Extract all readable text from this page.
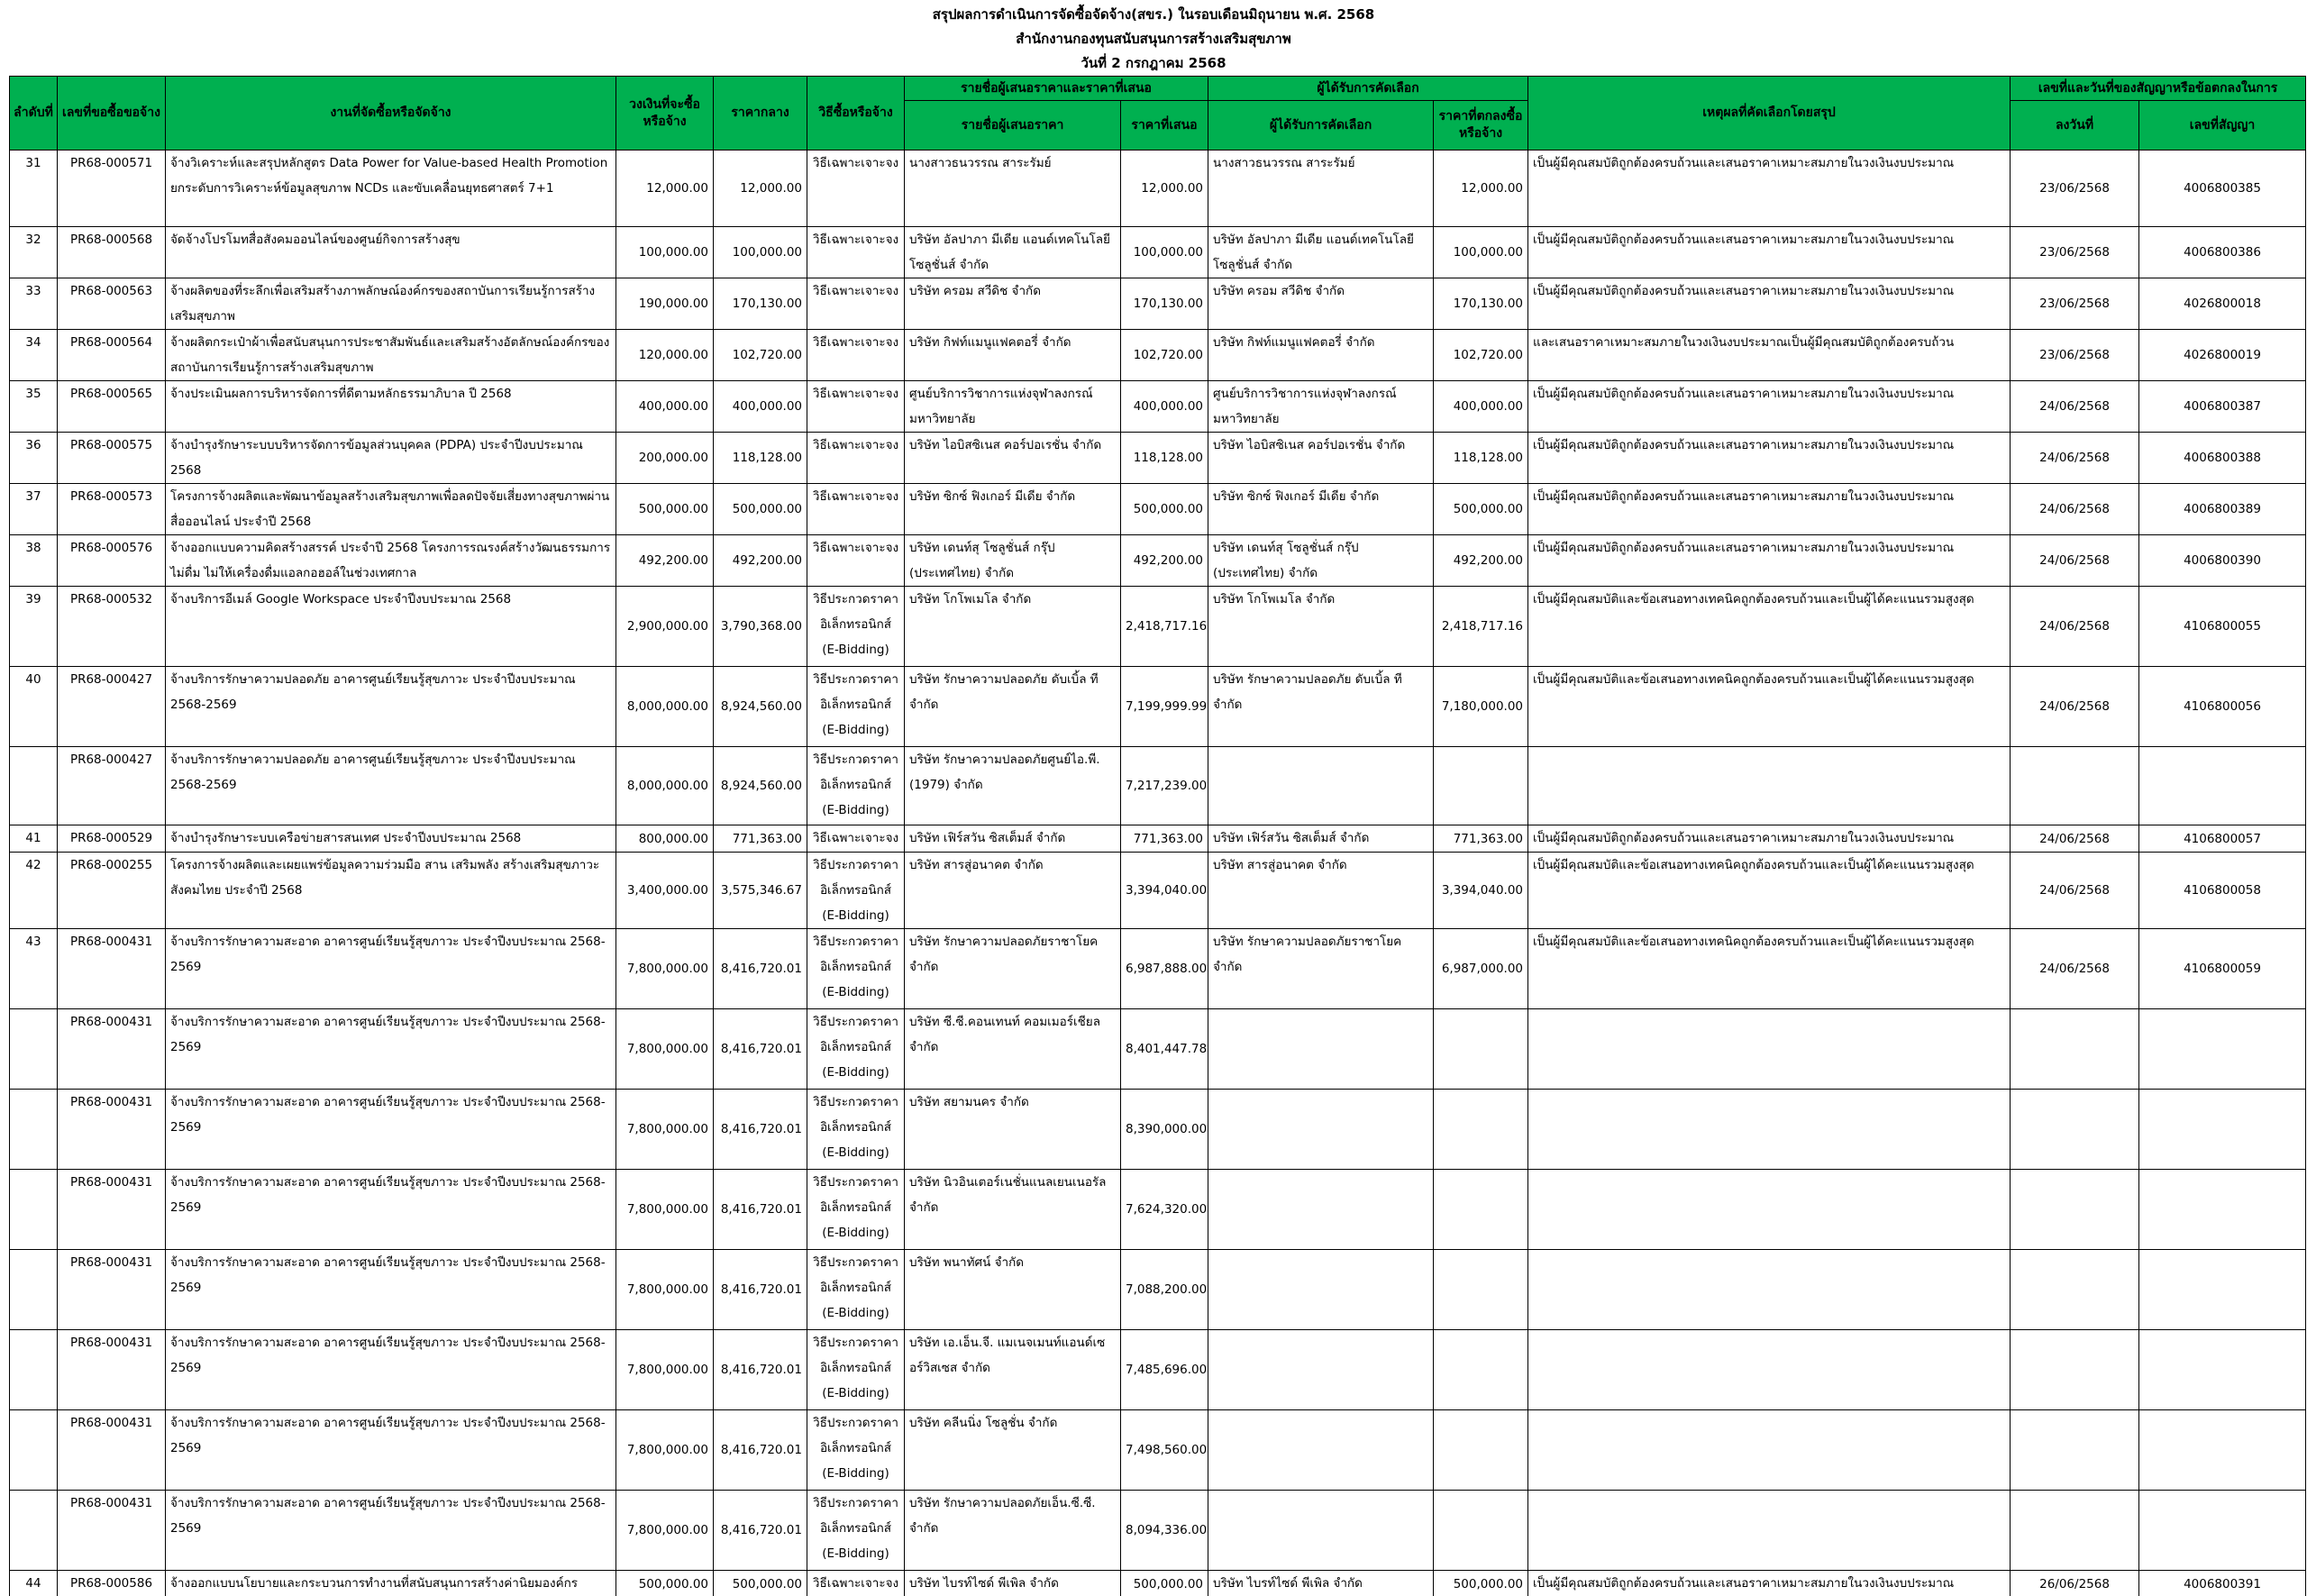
สรุปผลการดำเนินการจัดซื้อจัดจ้าง(สขร.) ในรอบเดือนมิถุนายน พ.ศ. 2568
สำนักงานกองทุนสนับสนุนการสร้างเสริมสุขภาพ
วันที่ 2 กรกฎาคม 2568
ลำดับที่	เลขที่ขอซื้อขอจ้าง	งานที่จัดซื้อหรือจัดจ้าง	วงเงินที่จะซื้อหรือจ้าง	ราคากลาง	วิธีซื้อหรือจ้าง	รายชื่อผู้เสนอราคาและราคาที่เสนอ		ผู้ได้รับการคัดเลือก		เหตุผลที่คัดเลือกโดยสรุป	เลขที่และวันที่ของสัญญาหรือข้อตกลงในการ	
						รายชื่อผู้เสนอราคา	ราคาที่เสนอ	ผู้ได้รับการคัดเลือก	ราคาที่ตกลงซื้อหรือจ้าง		ลงวันที่	เลขที่สัญญา
31	PR68-000571	จ้างวิเคราะห์และสรุปหลักสูตร Data Power for Value-based Health Promotion ยกระดับการวิเคราะห์ข้อมูลสุขภาพ NCDs และขับเคลื่อนยุทธศาสตร์ 7+1	12,000.00	12,000.00	วิธีเฉพาะเจาะจง	นางสาวธนวรรณ สาระรัมย์	12,000.00	นางสาวธนวรรณ สาระรัมย์	12,000.00	เป็นผู้มีคุณสมบัติถูกต้องครบถ้วนและเสนอราคาเหมาะสมภายในวงเงินงบประมาณ	23/06/2568	4006800385
32	PR68-000568	จัดจ้างโปรโมทสื่อสังคมออนไลน์ของศูนย์กิจการสร้างสุข	100,000.00	100,000.00	วิธีเฉพาะเจาะจง	บริษัท อัลปาภา มีเดีย แอนด์เทคโนโลยี โซลูชั่นส์ จำกัด	100,000.00	บริษัท อัลปาภา มีเดีย แอนด์เทคโนโลยี โซลูชั่นส์ จำกัด	100,000.00	เป็นผู้มีคุณสมบัติถูกต้องครบถ้วนและเสนอราคาเหมาะสมภายในวงเงินงบประมาณ	23/06/2568	4006800386
33	PR68-000563	จ้างผลิตของที่ระลึกเพื่อเสริมสร้างภาพลักษณ์องค์กรของสถาบันการเรียนรู้การสร้างเสริมสุขภาพ	190,000.00	170,130.00	วิธีเฉพาะเจาะจง	บริษัท ครอม สวีดิช จำกัด	170,130.00	บริษัท ครอม สวีดิช จำกัด	170,130.00	เป็นผู้มีคุณสมบัติถูกต้องครบถ้วนและเสนอราคาเหมาะสมภายในวงเงินงบประมาณ	23/06/2568	4026800018
34	PR68-000564	จ้างผลิตกระเป๋าผ้าเพื่อสนับสนุนการประชาสัมพันธ์และเสริมสร้างอัตลักษณ์องค์กรของสถาบันการเรียนรู้การสร้างเสริมสุขภาพ	120,000.00	102,720.00	วิธีเฉพาะเจาะจง	บริษัท กิฟท์แมนูแฟคตอรี่ จำกัด	102,720.00	บริษัท กิฟท์แมนูแฟคตอรี่ จำกัด	102,720.00	และเสนอราคาเหมาะสมภายในวงเงินงบประมาณเป็นผู้มีคุณสมบัติถูกต้องครบถ้วน	23/06/2568	4026800019
35	PR68-000565	จ้างประเมินผลการบริหารจัดการที่ดีตามหลักธรรมาภิบาล ปี 2568	400,000.00	400,000.00	วิธีเฉพาะเจาะจง	ศูนย์บริการวิชาการแห่งจุฬาลงกรณ์มหาวิทยาลัย	400,000.00	ศูนย์บริการวิชาการแห่งจุฬาลงกรณ์มหาวิทยาลัย	400,000.00	เป็นผู้มีคุณสมบัติถูกต้องครบถ้วนและเสนอราคาเหมาะสมภายในวงเงินงบประมาณ	24/06/2568	4006800387
36	PR68-000575	จ้างบำรุงรักษาระบบบริหารจัดการข้อมูลส่วนบุคคล (PDPA) ประจำปีงบประมาณ 2568	200,000.00	118,128.00	วิธีเฉพาะเจาะจง	บริษัท ไอบิสซิเนส คอร์ปอเรชั่น จำกัด	118,128.00	บริษัท ไอบิสซิเนส คอร์ปอเรชั่น จำกัด	118,128.00	เป็นผู้มีคุณสมบัติถูกต้องครบถ้วนและเสนอราคาเหมาะสมภายในวงเงินงบประมาณ	24/06/2568	4006800388
37	PR68-000573	โครงการจ้างผลิตและพัฒนาข้อมูลสร้างเสริมสุขภาพเพื่อลดปัจจัยเสี่ยงทางสุขภาพผ่านสื่อออนไลน์ ประจำปี 2568	500,000.00	500,000.00	วิธีเฉพาะเจาะจง	บริษัท ซิกซ์ ฟิงเกอร์ มีเดีย จำกัด	500,000.00	บริษัท ซิกซ์ ฟิงเกอร์ มีเดีย จำกัด	500,000.00	เป็นผู้มีคุณสมบัติถูกต้องครบถ้วนและเสนอราคาเหมาะสมภายในวงเงินงบประมาณ	24/06/2568	4006800389
38	PR68-000576	จ้างออกแบบความคิดสร้างสรรค์ ประจำปี 2568 โครงการรณรงค์สร้างวัฒนธรรมการไม่ดื่ม ไม่ให้เครื่องดื่มแอลกอฮอล์ในช่วงเทศกาล	492,200.00	492,200.00	วิธีเฉพาะเจาะจง	บริษัท เดนท์สุ โซลูชั่นส์ กรุ๊ป (ประเทศไทย) จำกัด	492,200.00	บริษัท เดนท์สุ โซลูชั่นส์ กรุ๊ป (ประเทศไทย) จำกัด	492,200.00	เป็นผู้มีคุณสมบัติถูกต้องครบถ้วนและเสนอราคาเหมาะสมภายในวงเงินงบประมาณ	24/06/2568	4006800390
39	PR68-000532	จ้างบริการอีเมล์ Google Workspace ประจำปีงบประมาณ 2568	2,900,000.00	3,790,368.00	วิธีประกวดราคาอิเล็กทรอนิกส์ (E-Bidding)	บริษัท โกโพเมโล จำกัด	2,418,717.16	บริษัท โกโพเมโล จำกัด	2,418,717.16	เป็นผู้มีคุณสมบัติและข้อเสนอทางเทคนิคถูกต้องครบถ้วนและเป็นผู้ได้คะแนนรวมสูงสุด	24/06/2568	4106800055
40	PR68-000427	จ้างบริการรักษาความปลอดภัย อาคารศูนย์เรียนรู้สุขภาวะ ประจำปีงบประมาณ 2568-2569	8,000,000.00	8,924,560.00	วิธีประกวดราคาอิเล็กทรอนิกส์ (E-Bidding)	บริษัท รักษาความปลอดภัย ดับเบิ้ล ที จำกัด	7,199,999.99	บริษัท รักษาความปลอดภัย ดับเบิ้ล ที จำกัด	7,180,000.00	เป็นผู้มีคุณสมบัติและข้อเสนอทางเทคนิคถูกต้องครบถ้วนและเป็นผู้ได้คะแนนรวมสูงสุด	24/06/2568	4106800056
	PR68-000427	จ้างบริการรักษาความปลอดภัย อาคารศูนย์เรียนรู้สุขภาวะ ประจำปีงบประมาณ 2568-2569	8,000,000.00	8,924,560.00	วิธีประกวดราคาอิเล็กทรอนิกส์ (E-Bidding)	บริษัท รักษาความปลอดภัยศูนย์ไอ.พี. (1979) จำกัด	7,217,239.00					
41	PR68-000529	จ้างบำรุงรักษาระบบเครือข่ายสารสนเทศ ประจำปีงบประมาณ 2568	800,000.00	771,363.00	วิธีเฉพาะเจาะจง	บริษัท เฟิร์สวัน ซิสเต็มส์ จำกัด	771,363.00	บริษัท เฟิร์สวัน ซิสเต็มส์ จำกัด	771,363.00	เป็นผู้มีคุณสมบัติถูกต้องครบถ้วนและเสนอราคาเหมาะสมภายในวงเงินงบประมาณ	24/06/2568	4106800057
42	PR68-000255	โครงการจ้างผลิตและเผยแพร่ข้อมูลความร่วมมือ สาน เสริมพลัง สร้างเสริมสุขภาวะสังคมไทย ประจำปี 2568	3,400,000.00	3,575,346.67	วิธีประกวดราคาอิเล็กทรอนิกส์ (E-Bidding)	บริษัท สารสู่อนาคต จำกัด	3,394,040.00	บริษัท สารสู่อนาคต จำกัด	3,394,040.00	เป็นผู้มีคุณสมบัติและข้อเสนอทางเทคนิคถูกต้องครบถ้วนและเป็นผู้ได้คะแนนรวมสูงสุด	24/06/2568	4106800058
43	PR68-000431	จ้างบริการรักษาความสะอาด อาคารศูนย์เรียนรู้สุขภาวะ ประจำปีงบประมาณ 2568-2569	7,800,000.00	8,416,720.01	วิธีประกวดราคาอิเล็กทรอนิกส์ (E-Bidding)	บริษัท รักษาความปลอดภัยราชาโยค จำกัด	6,987,888.00	บริษัท รักษาความปลอดภัยราชาโยค จำกัด	6,987,000.00	เป็นผู้มีคุณสมบัติและข้อเสนอทางเทคนิคถูกต้องครบถ้วนและเป็นผู้ได้คะแนนรวมสูงสุด	24/06/2568	4106800059
	PR68-000431	จ้างบริการรักษาความสะอาด อาคารศูนย์เรียนรู้สุขภาวะ ประจำปีงบประมาณ 2568-2569	7,800,000.00	8,416,720.01	วิธีประกวดราคาอิเล็กทรอนิกส์ (E-Bidding)	บริษัท ซี.ซี.คอนเทนท์ คอมเมอร์เชียล จำกัด	8,401,447.78					
	PR68-000431	จ้างบริการรักษาความสะอาด อาคารศูนย์เรียนรู้สุขภาวะ ประจำปีงบประมาณ 2568-2569	7,800,000.00	8,416,720.01	วิธีประกวดราคาอิเล็กทรอนิกส์ (E-Bidding)	บริษัท สยามนคร จำกัด	8,390,000.00					
	PR68-000431	จ้างบริการรักษาความสะอาด อาคารศูนย์เรียนรู้สุขภาวะ ประจำปีงบประมาณ 2568-2569	7,800,000.00	8,416,720.01	วิธีประกวดราคาอิเล็กทรอนิกส์ (E-Bidding)	บริษัท นิวอินเตอร์เนชั่นแนลเยนเนอรัล จำกัด	7,624,320.00					
	PR68-000431	จ้างบริการรักษาความสะอาด อาคารศูนย์เรียนรู้สุขภาวะ ประจำปีงบประมาณ 2568-2569	7,800,000.00	8,416,720.01	วิธีประกวดราคาอิเล็กทรอนิกส์ (E-Bidding)	บริษัท พนาทัศน์ จำกัด	7,088,200.00					
	PR68-000431	จ้างบริการรักษาความสะอาด อาคารศูนย์เรียนรู้สุขภาวะ ประจำปีงบประมาณ 2568-2569	7,800,000.00	8,416,720.01	วิธีประกวดราคาอิเล็กทรอนิกส์ (E-Bidding)	บริษัท เอ.เอ็น.จี. แมเนจเมนท์แอนด์เซอร์วิสเซส จำกัด	7,485,696.00					
	PR68-000431	จ้างบริการรักษาความสะอาด อาคารศูนย์เรียนรู้สุขภาวะ ประจำปีงบประมาณ 2568-2569	7,800,000.00	8,416,720.01	วิธีประกวดราคาอิเล็กทรอนิกส์ (E-Bidding)	บริษัท คลีนนิ่ง โซลูชั่น จำกัด	7,498,560.00					
	PR68-000431	จ้างบริการรักษาความสะอาด อาคารศูนย์เรียนรู้สุขภาวะ ประจำปีงบประมาณ 2568-2569	7,800,000.00	8,416,720.01	วิธีประกวดราคาอิเล็กทรอนิกส์ (E-Bidding)	บริษัท รักษาความปลอดภัยเอ็น.ซี.ซี. จำกัด	8,094,336.00					
44	PR68-000586	จ้างออกแบบนโยบายและกระบวนการทำงานที่สนับสนุนการสร้างค่านิยมองค์กร	500,000.00	500,000.00	วิธีเฉพาะเจาะจง	บริษัท ไบรท์ไซด์ พีเพิล จำกัด	500,000.00	บริษัท ไบรท์ไซด์ พีเพิล จำกัด	500,000.00	เป็นผู้มีคุณสมบัติถูกต้องครบถ้วนและเสนอราคาเหมาะสมภายในวงเงินงบประมาณ	26/06/2568	4006800391
